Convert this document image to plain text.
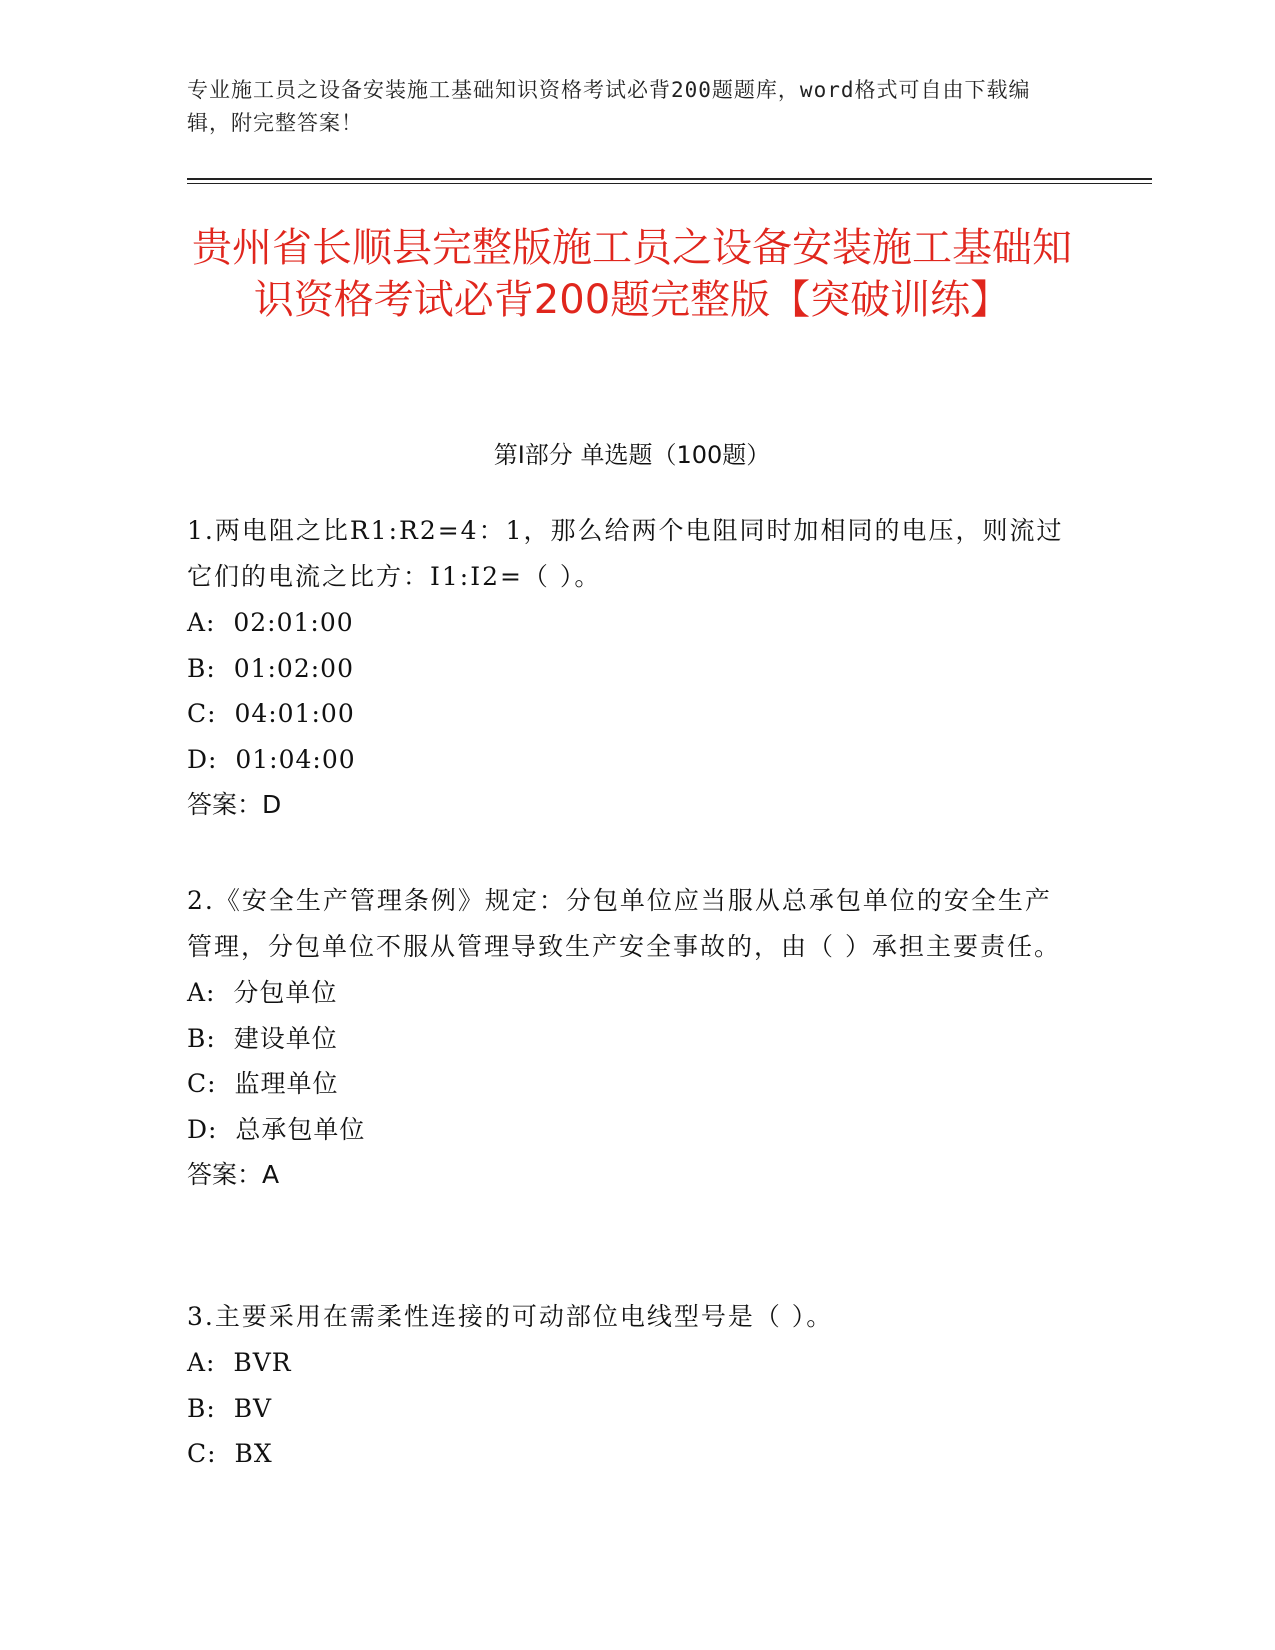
专业施工员之设备安装施工基础知识资格考试必背200题题库，word格式可自由下载编辑，附完整答案！
贵州省长顺县完整版施工员之设备安装施工基础知识资格考试必背200题完整版【突破训练】
第I部分 单选题（100题）

1.两电阻之比R1:R2=4：1，那么给两个电阻同时加相同的电压，则流过它们的电流之比方：I1:I2=（ ）。

A:  02:01:00

B:  01:02:00

C:  04:01:00

D:  01:04:00

答案：D

2.《安全生产管理条例》规定：分包单位应当服从总承包单位的安全生产管理，分包单位不服从管理导致生产安全事故的，由（ ）承担主要责任。

A:  分包单位

B:  建设单位

C:  监理单位

D:  总承包单位

答案：A

3.主要采用在需柔性连接的可动部位电线型号是（ ）。

A:  BVR

B:  BV

C:  BX
